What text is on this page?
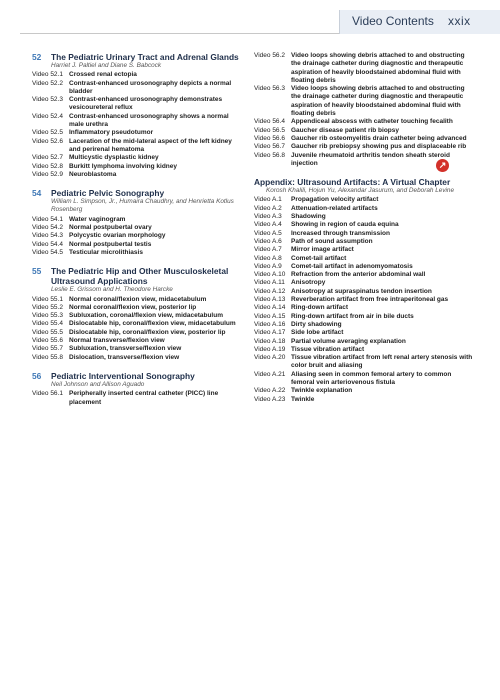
Video Contents xxix
52 The Pediatric Urinary Tract and Adrenal Glands
Harriet J. Paltiel and Diane S. Babcock
Video 52.1 Crossed renal ectopia
Video 52.2 Contrast-enhanced urosonography depicts a normal bladder
Video 52.3 Contrast-enhanced urosonography demonstrates vesicoureteral reflux
Video 52.4 Contrast-enhanced urosonography shows a normal male urethra
Video 52.5 Inflammatory pseudotumor
Video 52.6 Laceration of the mid-lateral aspect of the left kidney and perirenal hematoma
Video 52.7 Multicystic dysplastic kidney
Video 52.8 Burkitt lymphoma involving kidney
Video 52.9 Neuroblastoma
54 Pediatric Pelvic Sonography
William L. Simpson, Jr., Humaira Chaudhry, and Henrietta Kotlus Rosenberg
Video 54.1 Water vaginogram
Video 54.2 Normal postpubertal ovary
Video 54.3 Polycystic ovarian morphology
Video 54.4 Normal postpubertal testis
Video 54.5 Testicular microlithiasis
55 The Pediatric Hip and Other Musculoskeletal Ultrasound Applications
Leslie E. Grissom and H. Theodore Harcke
Video 55.1 Normal coronal/flexion view, midacetabulum
Video 55.2 Normal coronal/flexion view, posterior lip
Video 55.3 Subluxation, coronal/flexion view, midacetabulum
Video 55.4 Dislocatable hip, coronal/flexion view, midacetabulum
Video 55.5 Dislocatable hip, coronal/flexion view, posterior lip
Video 55.6 Normal transverse/flexion view
Video 55.7 Subluxation, transverse/flexion view
Video 55.8 Dislocation, transverse/flexion view
56 Pediatric Interventional Sonography
Neil Johnson and Allison Aguado
Video 56.1 Peripherally inserted central catheter (PICC) line placement
Video 56.2 Video loops showing debris attached to and obstructing the drainage catheter during diagnostic and therapeutic aspiration of heavily bloodstained abdominal fluid with floating debris
Video 56.3 Video loops showing debris attached to and obstructing the drainage catheter during diagnostic and therapeutic aspiration of heavily bloodstained abdominal fluid with floating debris
Video 56.4 Appendiceal abscess with catheter touching fecalith
Video 56.5 Gaucher disease patient rib biopsy
Video 56.6 Gaucher rib osteomyelitis drain catheter being advanced
Video 56.7 Gaucher rib prebiopsy showing pus and displaceable rib
Video 56.8 Juvenile rheumatoid arthritis tendon sheath steroid injection
Appendix: Ultrasound Artifacts: A Virtual Chapter
Korosh Khalili, Hojun Yu, Alexandar Jasurum, and Deborah Levine
Video A.1 Propagation velocity artifact
Video A.2 Attenuation-related artifacts
Video A.3 Shadowing
Video A.4 Showing in region of cauda equina
Video A.5 Increased through transmission
Video A.6 Path of sound assumption
Video A.7 Mirror image artifact
Video A.8 Comet-tail artifact
Video A.9 Comet-tail artifact in adenomyomatosis
Video A.10 Refraction from the anterior abdominal wall
Video A.11 Anisotropy
Video A.12 Anisotropy at supraspinatus tendon insertion
Video A.13 Reverberation artifact from free intraperitoneal gas
Video A.14 Ring-down artifact
Video A.15 Ring-down artifact from air in bile ducts
Video A.16 Dirty shadowing
Video A.17 Side lobe artifact
Video A.18 Partial volume averaging explanation
Video A.19 Tissue vibration artifact
Video A.20 Tissue vibration artifact from left renal artery stenosis with color bruit and aliasing
Video A.21 Aliasing seen in common femoral artery to common femoral vein arteriovenous fistula
Video A.22 Twinkle explanation
Video A.23 Twinkle
↗
